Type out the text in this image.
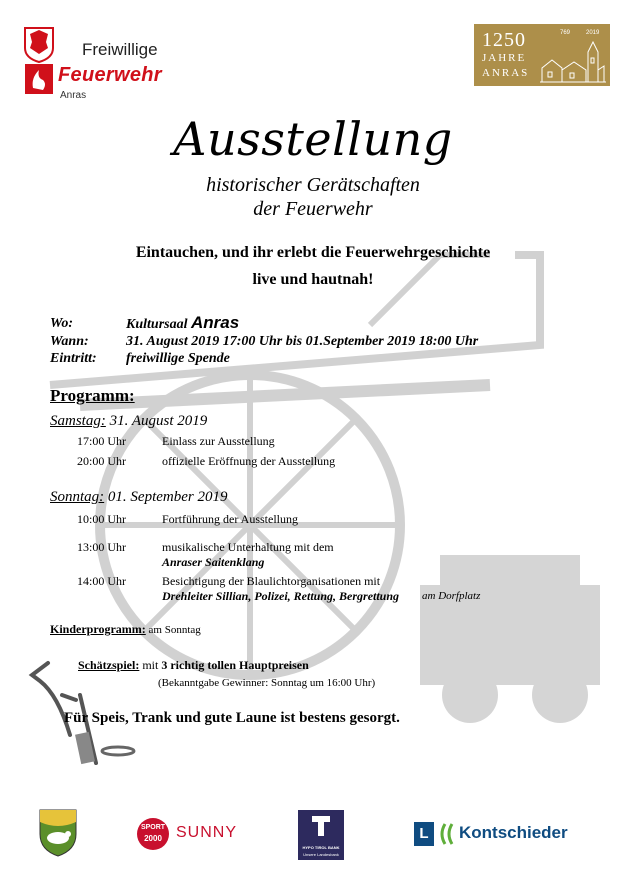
Freiwillige
Feuerwehr
Anras
1250
JAHRE
ANRAS
769	2019
Ausstellung
historischer Gerätschaften
der Feuerwehr
Eintauchen, und ihr erlebt die Feuerwehrgeschichte
live und hautnah!
Wo:	Kultursaal Anras
Wann:	31. August 2019 17:00 Uhr bis 01.September 2019 18:00 Uhr
Eintritt: freiwillige Spende
Programm:
Samstag: 31. August 2019
17:00 Uhr	Einlass zur Ausstellung
20:00 Uhr	offizielle Eröffnung der Ausstellung
Sonntag: 01. September 2019
10:00 Uhr	Fortführung der Ausstellung
13:00 Uhr	musikalische Unterhaltung mit dem
Anraser Saitenklang
14:00 Uhr	Besichtigung der Blaulichtorganisationen mit
Drehleiter Sillian, Polizei, Rettung, Bergrettung am Dorfplatz
Kinderprogramm: am Sonntag
Schätzspiel: mit 3 richtig tollen Hauptpreisen
(Bekanntgabe Gewinner: Sonntag um 16:00 Uhr)
Für Speis, Trank und gute Laune ist bestens gesorgt.
SPORT
2000 SUNNY
HYPO TIROL BANK
Unsere Landesbank
L	Kontschieder
